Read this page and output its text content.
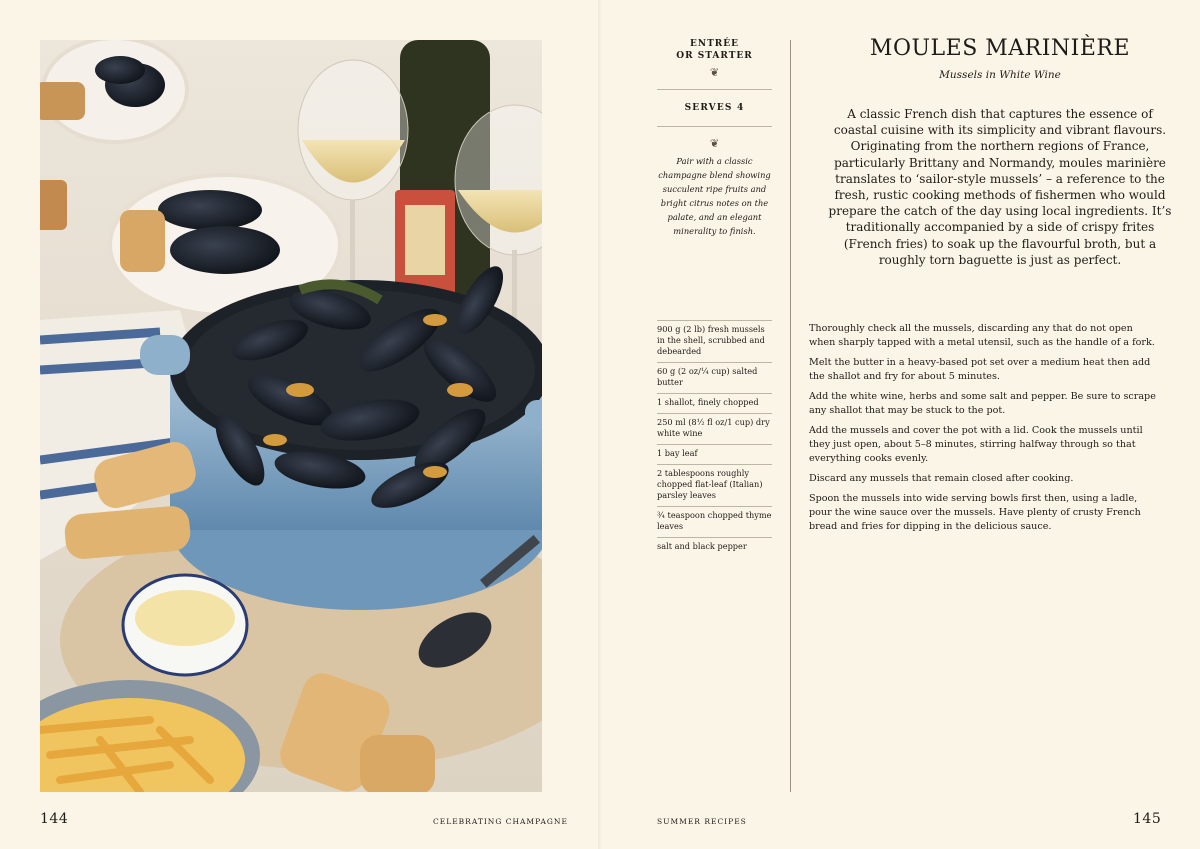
144	CELEBRATING CHAMPAGNE
ENTRÉE
OR STARTER
❦
SERVES 4
❦
Pair with a classic champagne blend showing succulent ripe fruits and bright citrus notes on the palate, and an elegant minerality to finish.
MOULES MARINIÈRE
Mussels in White Wine
A classic French dish that captures the essence of coastal cuisine with its simplicity and vibrant flavours. Originating from the northern regions of France, particularly Brittany and Normandy, moules marinière translates to ‘sailor-style mussels’ – a reference to the fresh, rustic cooking methods of fishermen who would prepare the catch of the day using local ingredients. It’s traditionally accompanied by a side of crispy frites (French fries) to soak up the flavourful broth, but a roughly torn baguette is just as perfect.
900 g (2 lb) fresh mussels in the shell, scrubbed and debearded
60 g (2 oz/¼ cup) salted butter
1 shallot, finely chopped
250 ml (8½ fl oz/1 cup) dry white wine
1 bay leaf
2 tablespoons roughly chopped flat-leaf (Italian) parsley leaves
¾ teaspoon chopped thyme leaves
salt and black pepper

Thoroughly check all the mussels, discarding any that do not open when sharply tapped with a metal utensil, such as the handle of a fork.

Melt the butter in a heavy-based pot set over a medium heat then add the shallot and fry for about 5 minutes.

Add the white wine, herbs and some salt and pepper. Be sure to scrape any shallot that may be stuck to the pot.

Add the mussels and cover the pot with a lid. Cook the mussels until they just open, about 5–8 minutes, stirring halfway through so that everything cooks evenly.

Discard any mussels that remain closed after cooking.

Spoon the mussels into wide serving bowls first then, using a ladle, pour the wine sauce over the mussels. Have plenty of crusty French bread and fries for dipping in the delicious sauce.

SUMMER RECIPES	145
